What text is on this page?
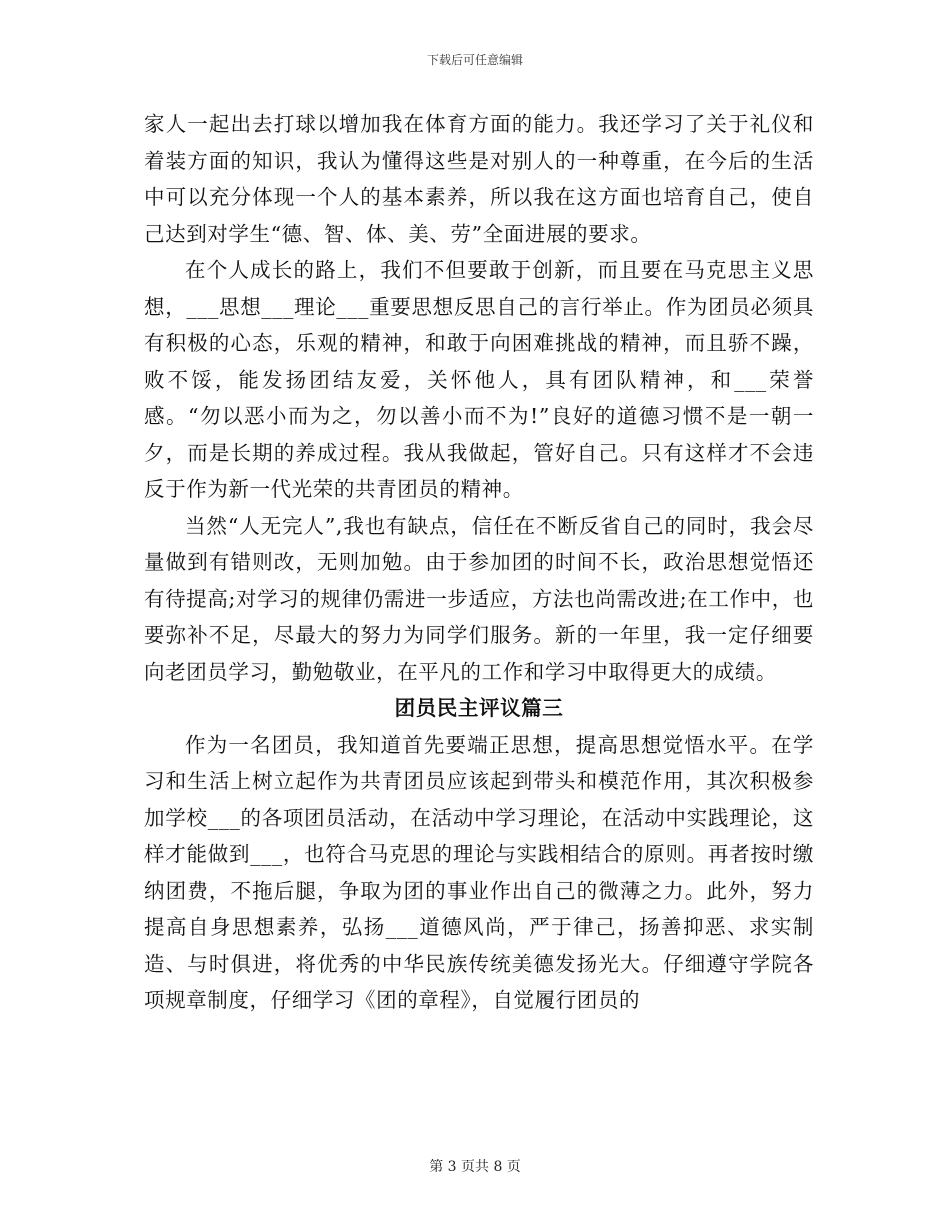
下载后可任意编辑

家人一起出去打球以增加我在体育方面的能力。我还学习了关于礼仪和着装方面的知识，我认为懂得这些是对别人的一种尊重，在今后的生活中可以充分体现一个人的基本素养，所以我在这方面也培育自己，使自己达到对学生“德、智、体、美、劳”全面进展的要求。

在个人成长的路上，我们不但要敢于创新，而且要在马克思主义思想，___思想___理论___重要思想反思自己的言行举止。作为团员必须具有积极的心态，乐观的精神，和敢于向困难挑战的精神，而且骄不躁，败不馁，能发扬团结友爱，关怀他人，具有团队精神，和___荣誉感。“勿以恶小而为之，勿以善小而不为!”良好的道德习惯不是一朝一夕，而是长期的养成过程。我从我做起，管好自己。只有这样才不会违反于作为新一代光荣的共青团员的精神。

当然“人无完人”,我也有缺点，信任在不断反省自己的同时，我会尽量做到有错则改，无则加勉。由于参加团的时间不长，政治思想觉悟还有待提高;对学习的规律仍需进一步适应，方法也尚需改进;在工作中，也要弥补不足，尽最大的努力为同学们服务。新的一年里，我一定仔细要向老团员学习，勤勉敬业，在平凡的工作和学习中取得更大的成绩。

团员民主评议篇三

作为一名团员，我知道首先要端正思想，提高思想觉悟水平。在学习和生活上树立起作为共青团员应该起到带头和模范作用，其次积极参加学校___的各项团员活动，在活动中学习理论，在活动中实践理论，这样才能做到___，也符合马克思的理论与实践相结合的原则。再者按时缴纳团费，不拖后腿，争取为团的事业作出自己的微薄之力。此外，努力提高自身思想素养，弘扬___道德风尚，严于律己，扬善抑恶、求实制造、与时俱进，将优秀的中华民族传统美德发扬光大。仔细遵守学院各项规章制度，仔细学习《团的章程》，自觉履行团员的

第 3 页共 8 页
